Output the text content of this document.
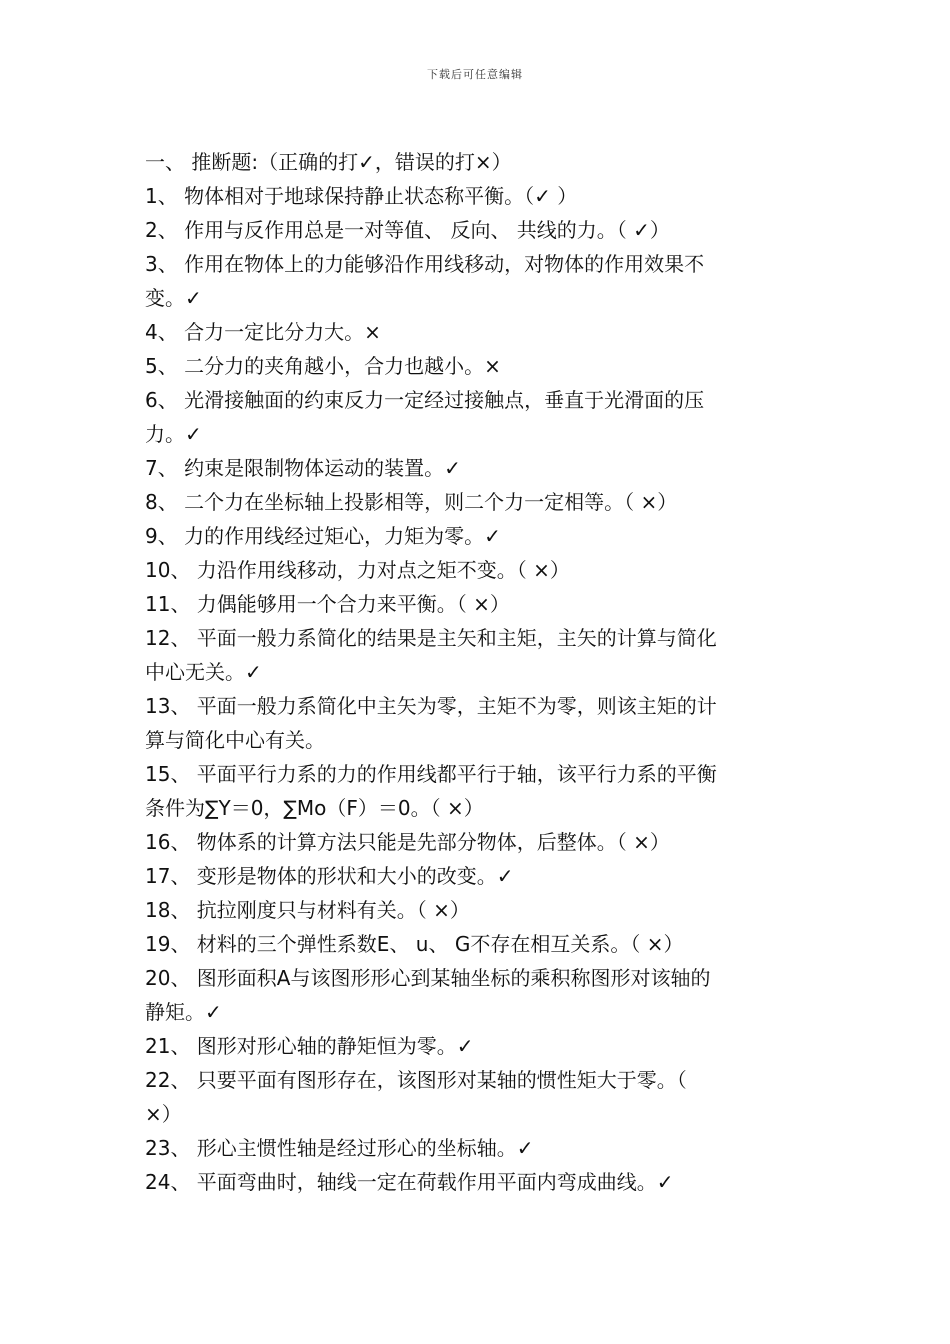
下载后可任意编辑
一、 推断题:（正确的打✓，错误的打×）
1、 物体相对于地球保持静止状态称平衡。（✓ ）
2、 作用与反作用总是一对等值、 反向、 共线的力。（ ✓）
3、 作用在物体上的力能够沿作用线移动，对物体的作用效果不
变。✓
4、 合力一定比分力大。×
5、 二分力的夹角越小，合力也越小。×
6、 光滑接触面的约束反力一定经过接触点，垂直于光滑面的压
力。✓
7、 约束是限制物体运动的装置。✓
8、 二个力在坐标轴上投影相等，则二个力一定相等。（ ×）
9、 力的作用线经过矩心，力矩为零。✓
10、 力沿作用线移动，力对点之矩不变。（ ×）
11、 力偶能够用一个合力来平衡。（ ×）
12、 平面一般力系简化的结果是主矢和主矩，主矢的计算与简化
中心无关。✓
13、 平面一般力系简化中主矢为零，主矩不为零，则该主矩的计
算与简化中心有关。
15、 平面平行力系的力的作用线都平行于轴，该平行力系的平衡
条件为∑Y＝0，∑Mo（F）＝0。（ ×）
16、 物体系的计算方法只能是先部分物体，后整体。（ ×）
17、 变形是物体的形状和大小的改变。✓
18、 抗拉刚度只与材料有关。（ ×）
19、 材料的三个弹性系数E、 u、 G不存在相互关系。（ ×）
20、 图形面积A与该图形形心到某轴坐标的乘积称图形对该轴的
静矩。✓
21、 图形对形心轴的静矩恒为零。✓
22、 只要平面有图形存在，该图形对某轴的惯性矩大于零。（
×）
23、 形心主惯性轴是经过形心的坐标轴。✓
24、 平面弯曲时，轴线一定在荷载作用平面内弯成曲线。✓
